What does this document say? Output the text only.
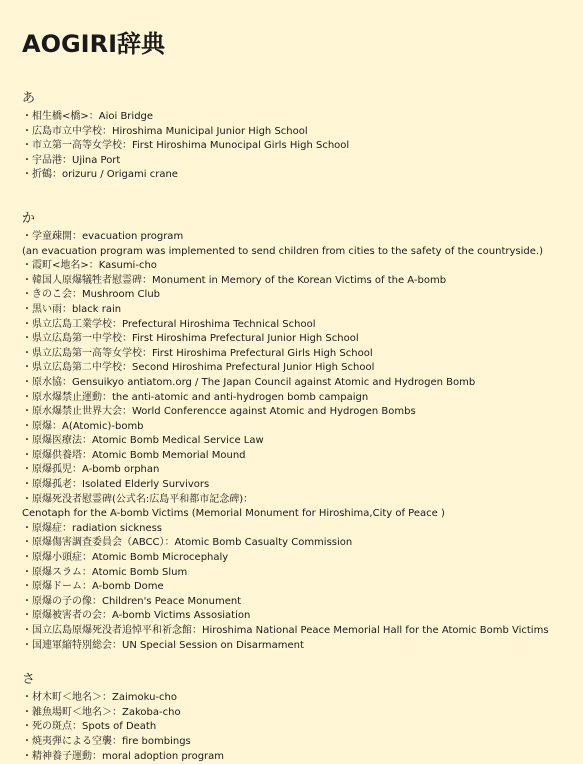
AOGIRI辞典
あ
・相生橋<橋>：Aioi Bridge
・広島市立中学校：Hiroshima Municipal Junior High School
・市立第一高等女学校：First Hiroshima Munocipal Girls High School
・宇品港：Ujina Port
・折鶴：orizuru / Origami crane
か
・学童疎開：evacuation program
(an evacuation program was implemented to send children from cities to the safety of the countryside.)
・霞町<地名>：Kasumi-cho
・韓国人原爆犠牲者慰霊碑：Monument in Memory of the Korean Victims of the A-bomb
・きのこ会：Mushroom Club
・黒い雨：black rain
・県立広島工業学校：Prefectural Hiroshima Technical School
・県立広島第一中学校：First Hiroshima Prefectural Junior High School
・県立広島第一高等女学校：First Hiroshima Prefectural Girls High School
・県立広島第二中学校：Second Hiroshima Prefectural Junior High School
・原水協：Gensuikyo antiatom.org / The Japan Council against Atomic and Hydrogen Bomb
・原水爆禁止運動：the anti-atomic and anti-hydrogen bomb campaign
・原水爆禁止世界大会：World Conferencce against Atomic and Hydrogen Bombs
・原爆：A(Atomic)-bomb
・原爆医療法：Atomic Bomb Medical Service Law
・原爆供養塔：Atomic Bomb Memorial Mound
・原爆孤児：A-bomb orphan
・原爆孤老：Isolated Elderly Survivors
・原爆死没者慰霊碑(公式名:広島平和都市記念碑)：
Cenotaph for the A-bomb Victims (Memorial Monument for Hiroshima,City of Peace )
・原爆症：radiation sickness
・原爆傷害調査委員会（ABCC）：Atomic Bomb Casualty Commission
・原爆小頭症：Atomic Bomb Microcephaly
・原爆スラム：Atomic Bomb Slum
・原爆ドーム：A-bomb Dome
・原爆の子の像：Children's Peace Monument
・原爆被害者の会：A-bomb Victims Assosiation
・国立広島原爆死没者追悼平和祈念館：Hiroshima National Peace Memorial Hall for the Atomic Bomb Victims
・国連軍縮特別総会：UN Special Session on Disarmament
さ
・材木町＜地名＞：Zaimoku-cho
・雑魚場町＜地名＞：Zakoba-cho
・死の斑点：Spots of Death
・焼夷弾による空襲：fire bombings
・精神養子運動：moral adoption program
